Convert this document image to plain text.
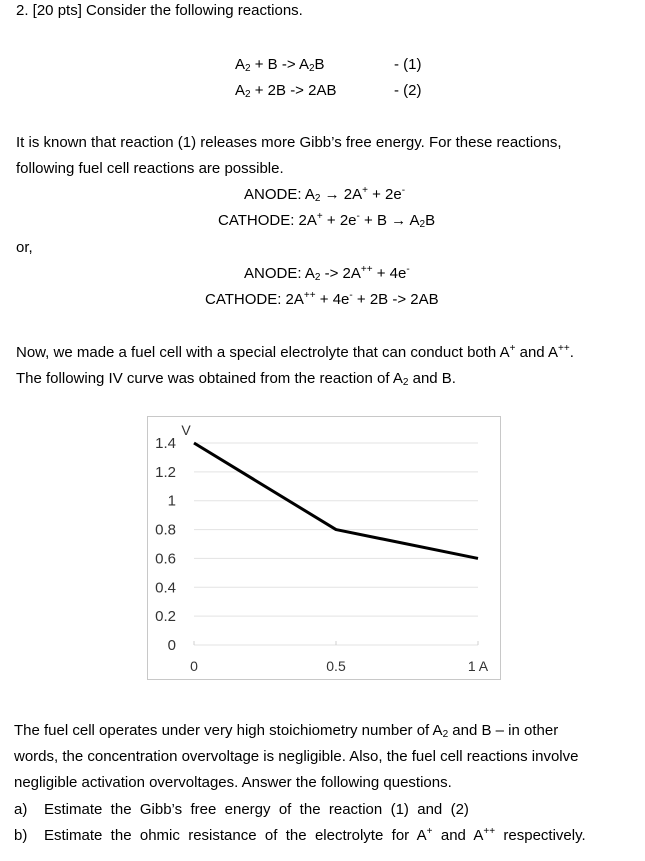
2. [20 pts] Consider the following reactions.
$A_2 + B -> A_2B$	- (1)
$A_2 + 2B -> 2AB$	- (2)
It is known that reaction (1) releases more Gibb’s free energy. For these reactions,
following fuel cell reactions are possible.
ANODE: $A_2 \to 2A^+ + 2e^-$
CATHODE: $2A^+ + 2e^- + B \to A_2B$
or,
ANODE: $A_2 -> 2A^{++} + 4e^-$
CATHODE: 2A++ + 4e- + 2B -> 2AB
Now, we made a fuel cell with a special electrolyte that can conduct both A+ and A++.
The following IV curve was obtained from the reaction of $A_2$ and B.
1.4
1.2
1
0.8
0.6
0.4
0.2
0
0	0.5	1 A
V
The fuel cell operates under very high stoichiometry number of $A_2$ and B – in other
words, the concentration overvoltage is negligible. Also, the fuel cell reactions involve
negligible activation overvoltages. Answer the following questions.
a) Estimate  the  Gibb’s  free  energy  of  the  reaction  (1)  and  (2)
b) Estimate  the  ohmic  resistance  of  the  electrolyte  for  A+  and  A++  respectively.
